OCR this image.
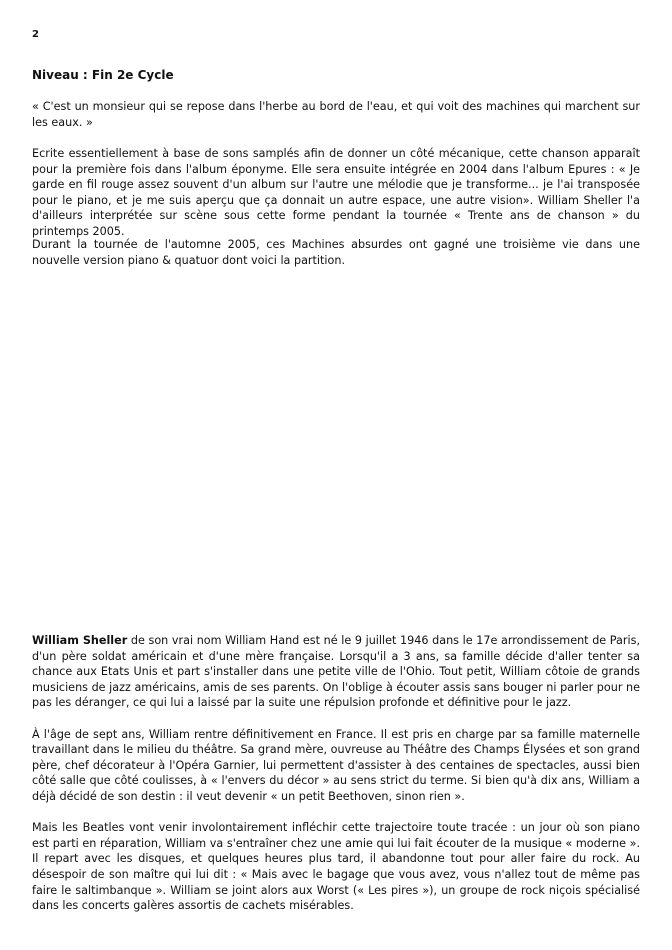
2
Niveau : Fin 2e Cycle

« C'est un monsieur qui se repose dans l'herbe au bord de l'eau, et qui voit des machines qui marchent sur les eaux. »

Ecrite essentiellement à base de sons samplés afin de donner un côté mécanique, cette chanson apparaît pour la première fois dans l'album éponyme. Elle sera ensuite intégrée en 2004 dans l'album Epures : « Je garde en fil rouge assez souvent d'un album sur l'autre une mélodie que je transforme... je l'ai transposée pour le piano, et je me suis aperçu que ça donnait un autre espace, une autre vision». William Sheller l'a d'ailleurs interprétée sur scène sous cette forme pendant la tournée « Trente ans de chanson » du printemps 2005.

Durant la tournée de l'automne 2005, ces Machines absurdes ont gagné une troisième vie dans une nouvelle version piano & quatuor dont voici la partition.

William Sheller de son vrai nom William Hand est né le 9 juillet 1946 dans le 17e arrondissement de Paris, d'un père soldat américain et d'une mère française. Lorsqu'il a 3 ans, sa famille décide d'aller tenter sa chance aux Etats Unis et part s'installer dans une petite ville de l'Ohio. Tout petit, William côtoie de grands musiciens de jazz américains, amis de ses parents. On l'oblige à écouter assis sans bouger ni parler pour ne pas les déranger, ce qui lui a laissé par la suite une répulsion profonde et définitive pour le jazz.

À l'âge de sept ans, William rentre définitivement en France. Il est pris en charge par sa famille maternelle travaillant dans le milieu du théâtre. Sa grand mère, ouvreuse au Théâtre des Champs Élysées et son grand père, chef décorateur à l'Opéra Garnier, lui permettent d'assister à des centaines de spectacles, aussi bien côté salle que côté coulisses, à « l'envers du décor » au sens strict du terme. Si bien qu'à dix ans, William a déjà décidé de son destin : il veut devenir « un petit Beethoven, sinon rien ».

Mais les Beatles vont venir involontairement infléchir cette trajectoire toute tracée : un jour où son piano est parti en réparation, William va s'entraîner chez une amie qui lui fait écouter de la musique « moderne ». Il repart avec les disques, et quelques heures plus tard, il abandonne tout pour aller faire du rock. Au désespoir de son maître qui lui dit : « Mais avec le bagage que vous avez, vous n'allez tout de même pas faire le saltimbanque ». William se joint alors aux Worst (« Les pires »), un groupe de rock niçois spécialisé dans les concerts galères assortis de cachets misérables.
